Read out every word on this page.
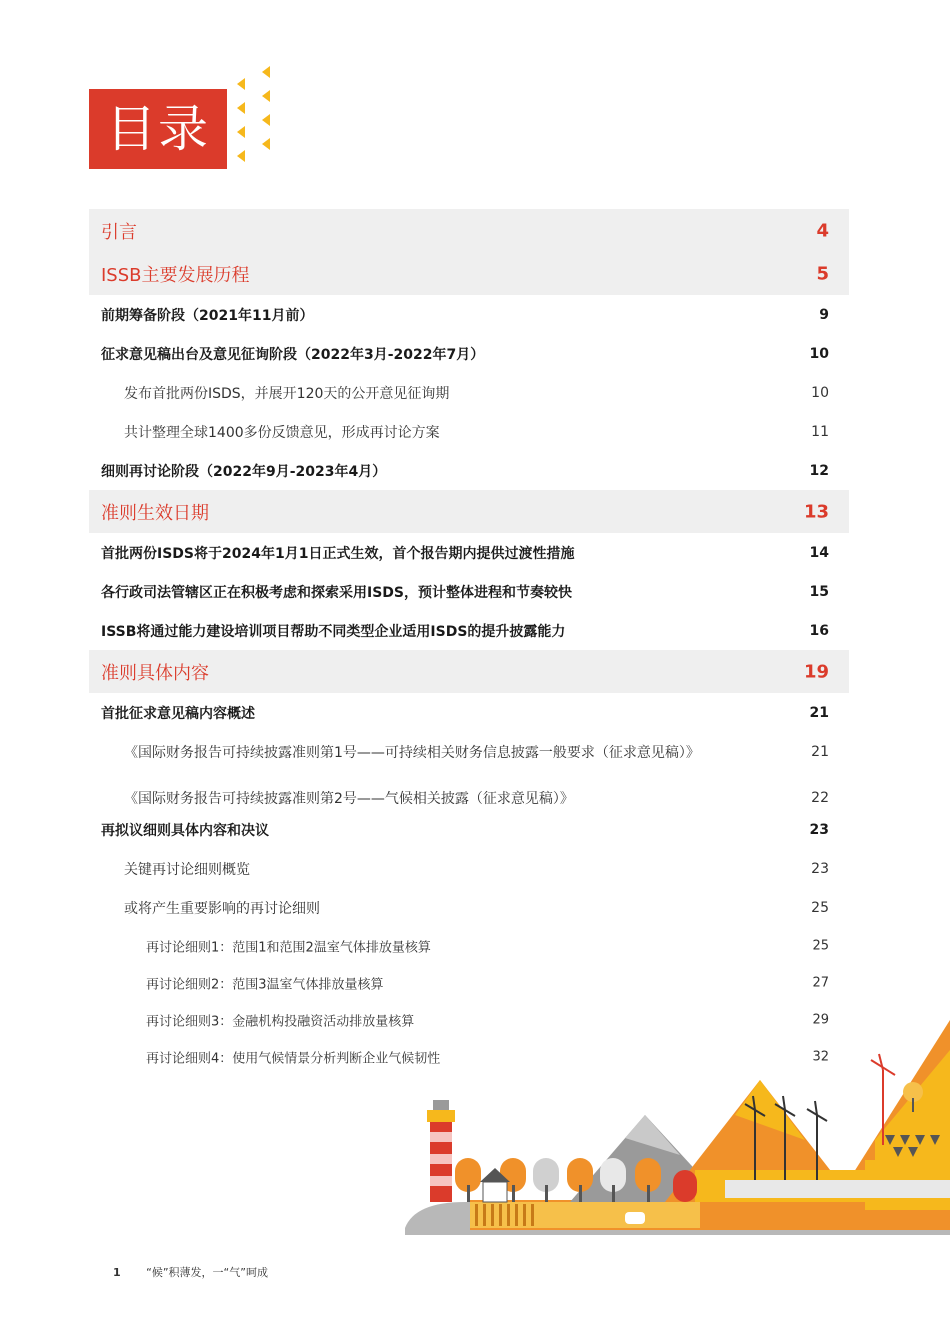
目录
引言	4
ISSB主要发展历程	5
前期筹备阶段（2021年11月前）	9
征求意见稿出台及意见征询阶段（2022年3月-2022年7月）	10
发布首批两份ISDS，并展开120天的公开意见征询期	10
共计整理全球1400多份反馈意见，形成再讨论方案	11
细则再讨论阶段（2022年9月-2023年4月）	12
准则生效日期	13
首批两份ISDS将于2024年1月1日正式生效，首个报告期内提供过渡性措施	14
各行政司法管辖区正在积极考虑和探索采用ISDS，预计整体进程和节奏较快	15
ISSB将通过能力建设培训项目帮助不同类型企业适用ISDS的提升披露能力	16
准则具体内容	19
首批征求意见稿内容概述	21
《国际财务报告可持续披露准则第1号——可持续相关财务信息披露一般要求（征求意见稿）》	21
《国际财务报告可持续披露准则第2号——气候相关披露（征求意见稿）》	22
再拟议细则具体内容和决议	23
关键再讨论细则概览	23
或将产生重要影响的再讨论细则	25
再讨论细则1：范围1和范围2温室气体排放量核算	25
再讨论细则2：范围3温室气体排放量核算	27
再讨论细则3：金融机构投融资活动排放量核算	29
再讨论细则4：使用气候情景分析判断企业气候韧性	32
1 “候”积薄发，一“气”呵成
